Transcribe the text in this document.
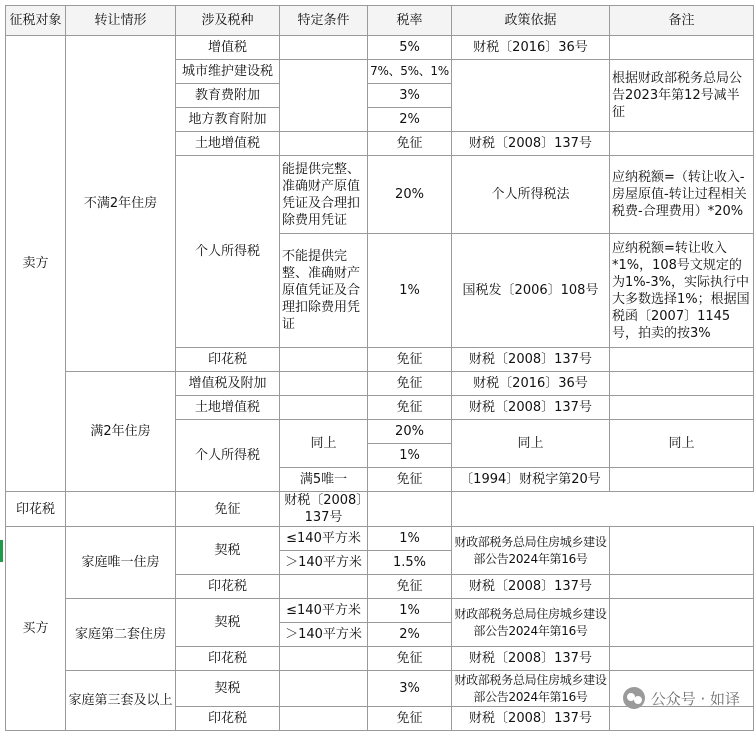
征税对象	转让情形	涉及税种	特定条件	税率	政策依据	备注
卖方	不满2年住房	增值税		5%	财税〔2016〕36号	
		城市维护建设税		7%、5%、1%		根据财政部税务总局公告2023年第12号减半征
		教育费附加		3%		
		地方教育附加		2%		
		土地增值税		免征	财税〔2008〕137号	
		个人所得税	能提供完整、准确财产原值凭证及合理扣除费用凭证	20%	个人所得税法	应纳税额=（转让收入-房屋原值-转让过程相关税费-合理费用）*20%
			不能提供完整、准确财产原值凭证及合理扣除费用凭证	1%	国税发〔2006〕108号	应纳税额=转让收入*1%，108号文规定的为1%-3%，实际执行中大多数选择1%；根据国税函〔2007〕1145号，拍卖的按3%

		印花税		免征	财税〔2008〕137号	
	满2年住房	增值税及附加		免征	财税〔2016〕36号	
		土地增值税		免征	财税〔2008〕137号	
		个人所得税	同上	20%	同上	同上
				1%		
			满5唯一	免征	〔1994〕财税字第20号	
印花税		免征	财税〔2008〕137号			
买方	家庭唯一住房	契税	≤140平方米	1%	财政部税务总局住房城乡建设部公告2024年第16号	
			＞140平方米	1.5%		
		印花税		免征	财税〔2008〕137号	
	家庭第二套住房	契税	≤140平方米	1%	财政部税务总局住房城乡建设部公告2024年第16号	
			＞140平方米	2%		
		印花税		免征	财税〔2008〕137号	
	家庭第三套及以上	契税		3%	财政部税务总局住房城乡建设部公告2024年第16号	
		印花税		免征	财税〔2008〕137号	
公众号 · 如译
